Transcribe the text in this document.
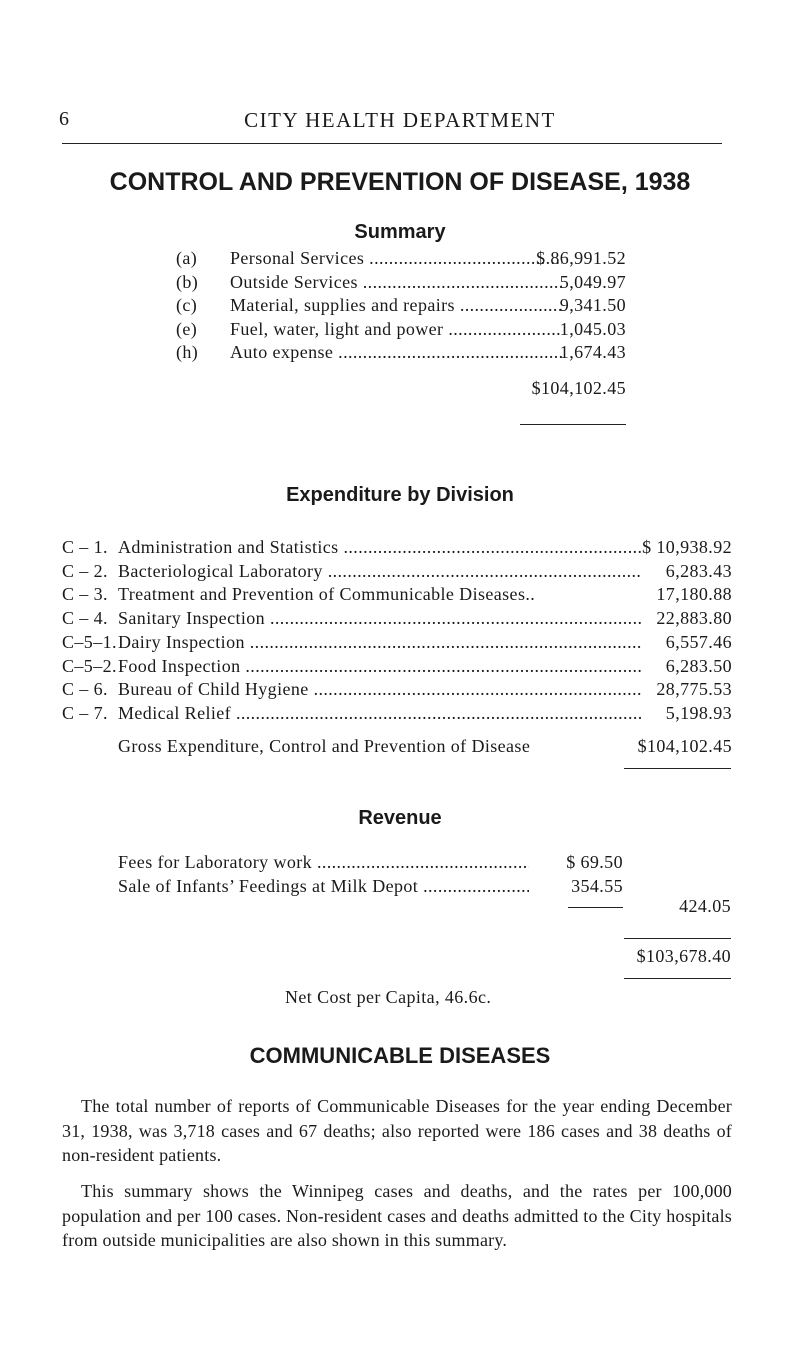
6	CITY HEALTH DEPARTMENT
CONTROL AND PREVENTION OF DISEASE, 1938
Summary
(a) Personal Services .....	$ 86,991.52
(b) Outside Services .....	5,049.97
(c) Material, supplies and repairs .....	9,341.50
(e) Fuel, water, light and power .....	1,045.03
(h) Auto expense .....	1,674.43
$104,102.45
Expenditure by Division
C – 1. Administration and Statistics .....	$ 10,938.92
C – 2. Bacteriological Laboratory .....	6,283.43
C – 3. Treatment and Prevention of Communicable Diseases..	17,180.88
C – 4. Sanitary Inspection .....	22,883.80
C–5–1. Dairy Inspection .....	6,557.46
C–5–2. Food Inspection .....	6,283.50
C – 6. Bureau of Child Hygiene .....	28,775.53
C – 7. Medical Relief .....	5,198.93
Gross Expenditure, Control and Prevention of Disease	$104,102.45
Revenue
Fees for Laboratory work .....	$ 69.50
Sale of Infants’ Feedings at Milk Depot .....	354.55
424.05
$103,678.40
Net Cost per Capita, 46.6c.
COMMUNICABLE DISEASES
The total number of reports of Communicable Diseases for the year ending December 31, 1938, was 3,718 cases and 67 deaths; also reported were 186 cases and 38 deaths of non-resident patients.
This summary shows the Winnipeg cases and deaths, and the rates per 100,000 population and per 100 cases. Non-resident cases and deaths admitted to the City hospitals from outside municipalities are also shown in this summary.
